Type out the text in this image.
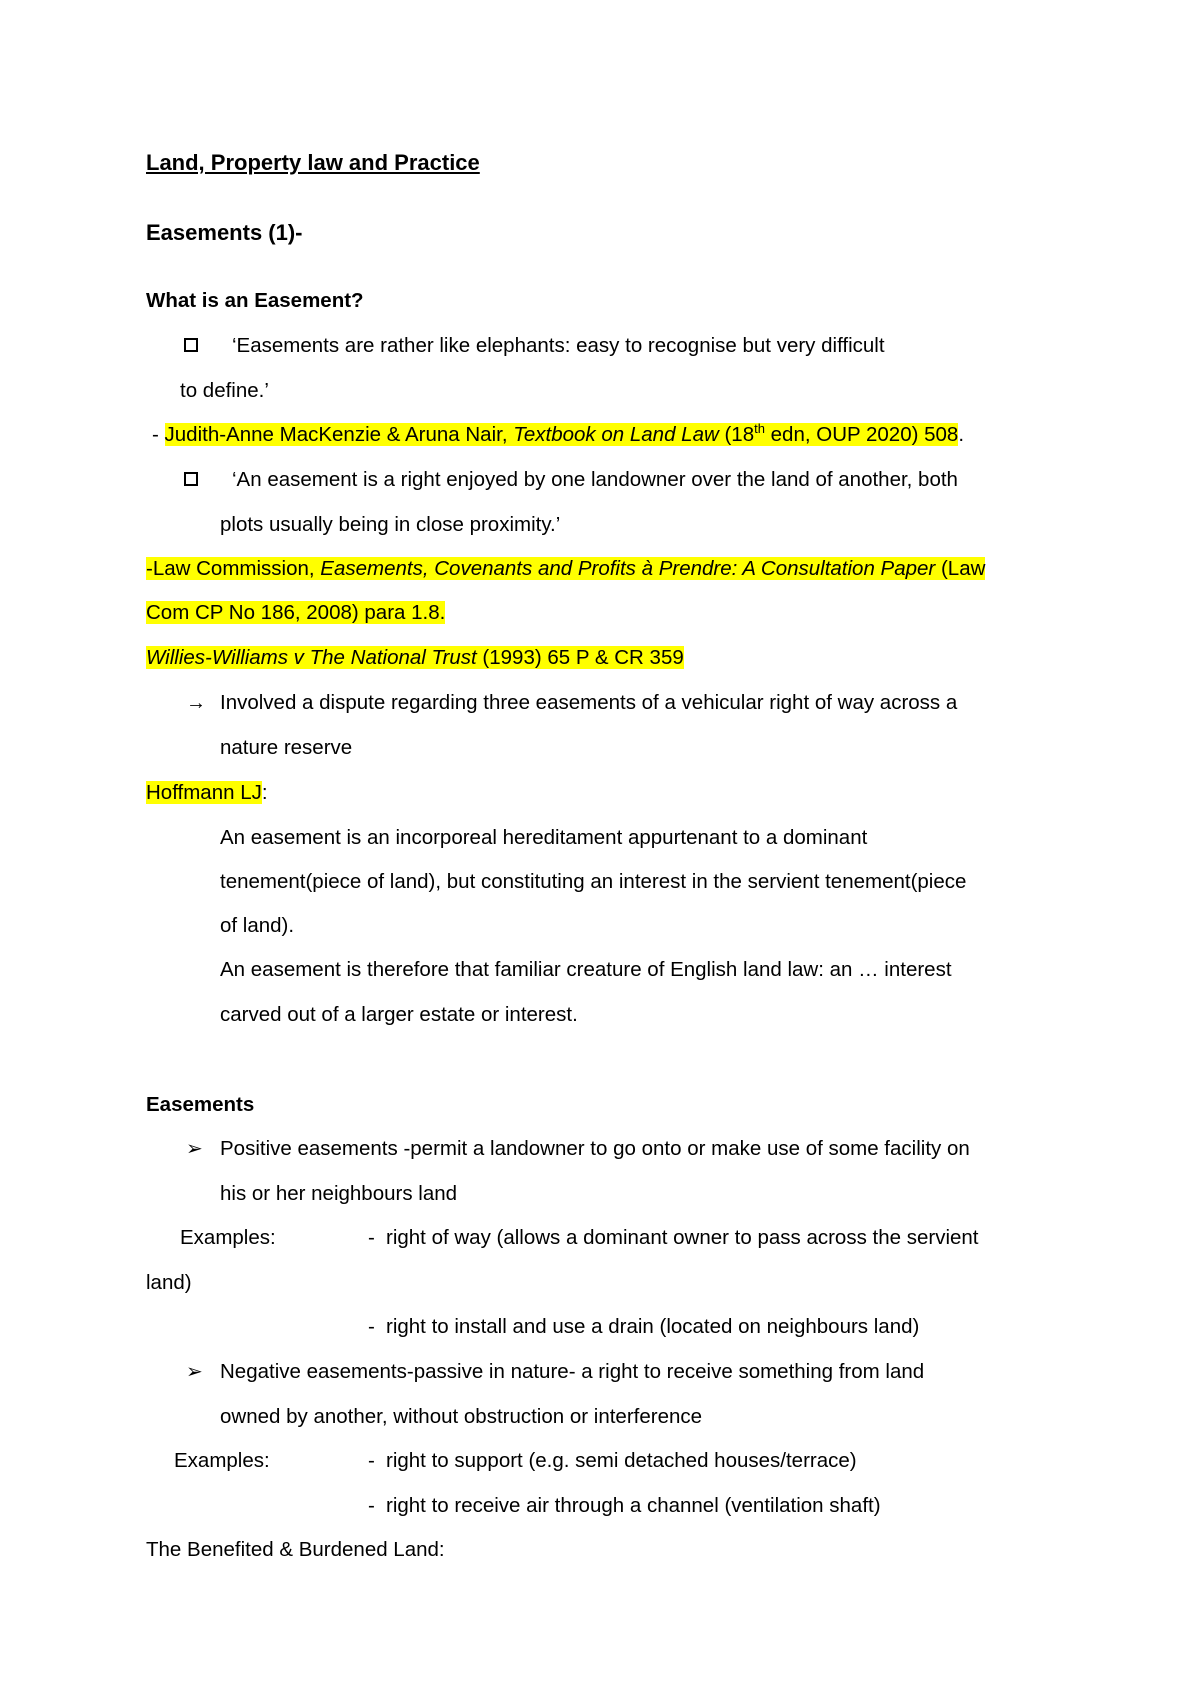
Land, Property law and Practice
Easements (1)-
What is an Easement?
‘Easements are rather like elephants: easy to recognise but very difficult
to define.’
- Judith-Anne MacKenzie & Aruna Nair, Textbook on Land Law (18th edn, OUP 2020) 508.
‘An easement is a right enjoyed by one landowner over the land of another, both
plots usually being in close proximity.’
-Law Commission, Easements, Covenants and Profits à Prendre: A Consultation Paper (Law
Com CP No 186, 2008) para 1.8.
Willies-Williams v The National Trust (1993) 65 P & CR 359
→ Involved a dispute regarding three easements of a vehicular right of way across a
nature reserve
Hoffmann LJ:
An easement is an incorporeal hereditament appurtenant to a dominant
tenement(piece of land), but constituting an interest in the servient tenement(piece
of land).
An easement is therefore that familiar creature of English land law: an … interest
carved out of a larger estate or interest.
Easements
➢ Positive easements -permit a landowner to go onto or make use of some facility on
his or her neighbours land
Examples:	- right of way (allows a dominant owner to pass across the servient
land)
- right to install and use a drain (located on neighbours land)
➢ Negative easements-passive in nature- a right to receive something from land
owned by another, without obstruction or interference
Examples:	- right to support (e.g. semi detached houses/terrace)
- right to receive air through a channel (ventilation shaft)
The Benefited & Burdened Land:
